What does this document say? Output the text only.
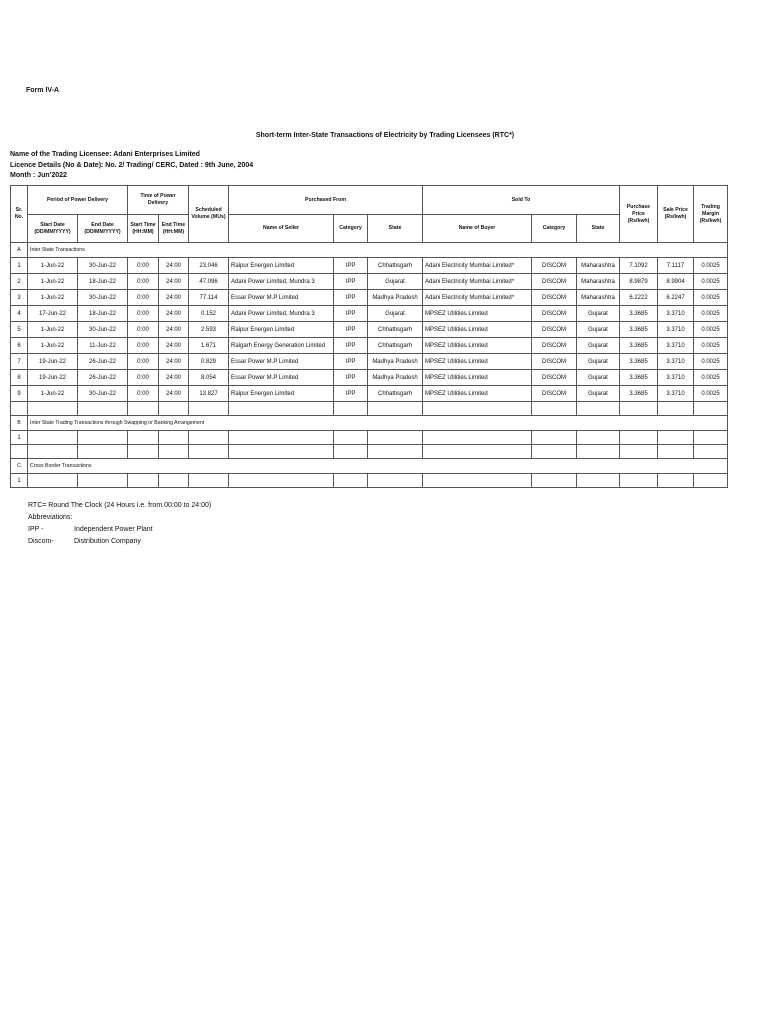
Form IV-A
Short-term Inter-State Transactions of Electricity by Trading Licensees (RTC*)
Name of the Trading Licensee: Adani Enterprises Limited
Licence Details (No & Date): No. 2/ Trading/ CERC, Dated : 9th June, 2004
Month : Jun'2022
Sr. No.	Period of Power Delivery		Time of Power Delivery		Scheduled Volume (MUs)	Purchased From			Sold To			Purchase Price (Rs/kwh)	Sale Price (Rs/kwh)	Trading Margin (Rs/kwh)
	Start Date (DD/MM/YYYY)	End Date (DD/MM/YYYY)	Start Time (HH:MM)	End Time (HH:MM)		Name of Seller	Category	State	Name of Buyer	Category	State			
A	Inter State Transactions													
1	1-Jun-22	30-Jun-22	0:00	24:00	23.046	Raipur Energen Limited	IPP	Chhattisgarh	Adani Electricity Mumbai Limited*	DISCOM	Maharashtra	7.1092	7.1117	0.0025
2	1-Jun-22	18-Jun-22	0:00	24:00	47.096	Adani Power Limited, Mundra 3	IPP	Gujarat	Adani Electricity Mumbai Limited*	DISCOM	Maharashtra	8.9879	8.9904	0.0025
3	1-Jun-22	30-Jun-22	0:00	24:00	77.114	Essar Power M.P Limited	IPP	Madhya Pradesh	Adani Electricity Mumbai Limited*	DISCOM	Maharashtra	6.2222	6.2247	0.0025
4	17-Jun-22	18-Jun-22	0:00	24:00	0.152	Adani Power Limited, Mundra 3	IPP	Gujarat	MPSEZ Utilities Limited	DISCOM	Gujarat	3.3685	3.3710	0.0025
5	1-Jun-22	30-Jun-22	0:00	24:00	2.593	Raipur Energen Limited	IPP	Chhattisgarh	MPSEZ Utilities Limited	DISCOM	Gujarat	3.3685	3.3710	0.0025
6	1-Jun-22	11-Jun-22	0:00	24:00	1.671	Raigarh Energy Generation Limited	IPP	Chhattisgarh	MPSEZ Utilities Limited	DISCOM	Gujarat	3.3685	3.3710	0.0025
7	19-Jun-22	26-Jun-22	0:00	24:00	0.829	Essar Power M.P Limited	IPP	Madhya Pradesh	MPSEZ Utilities Limited	DISCOM	Gujarat	3.3685	3.3710	0.0025
8	19-Jun-22	26-Jun-22	0:00	24:00	8.054	Essar Power M.P Limited	IPP	Madhya Pradesh	MPSEZ Utilities Limited	DISCOM	Gujarat	3.3685	3.3710	0.0025
9	1-Jun-22	30-Jun-22	0:00	24:00	13.827	Raipur Energen Limited	IPP	Chhattisgarh	MPSEZ Utilities Limited	DISCOM	Gujarat	3.3685	3.3710	0.0025

B	Inter State Trading Transactions through Swapping or Banking Arrangement													
1														

C	Cross Border Transactions													
1														
RTC= Round The Clock (24 Hours i.e. from 00:00 to 24:00)
Abbreviations:
IPP -	Independent Power Plant
Discom-	Distribution Company
